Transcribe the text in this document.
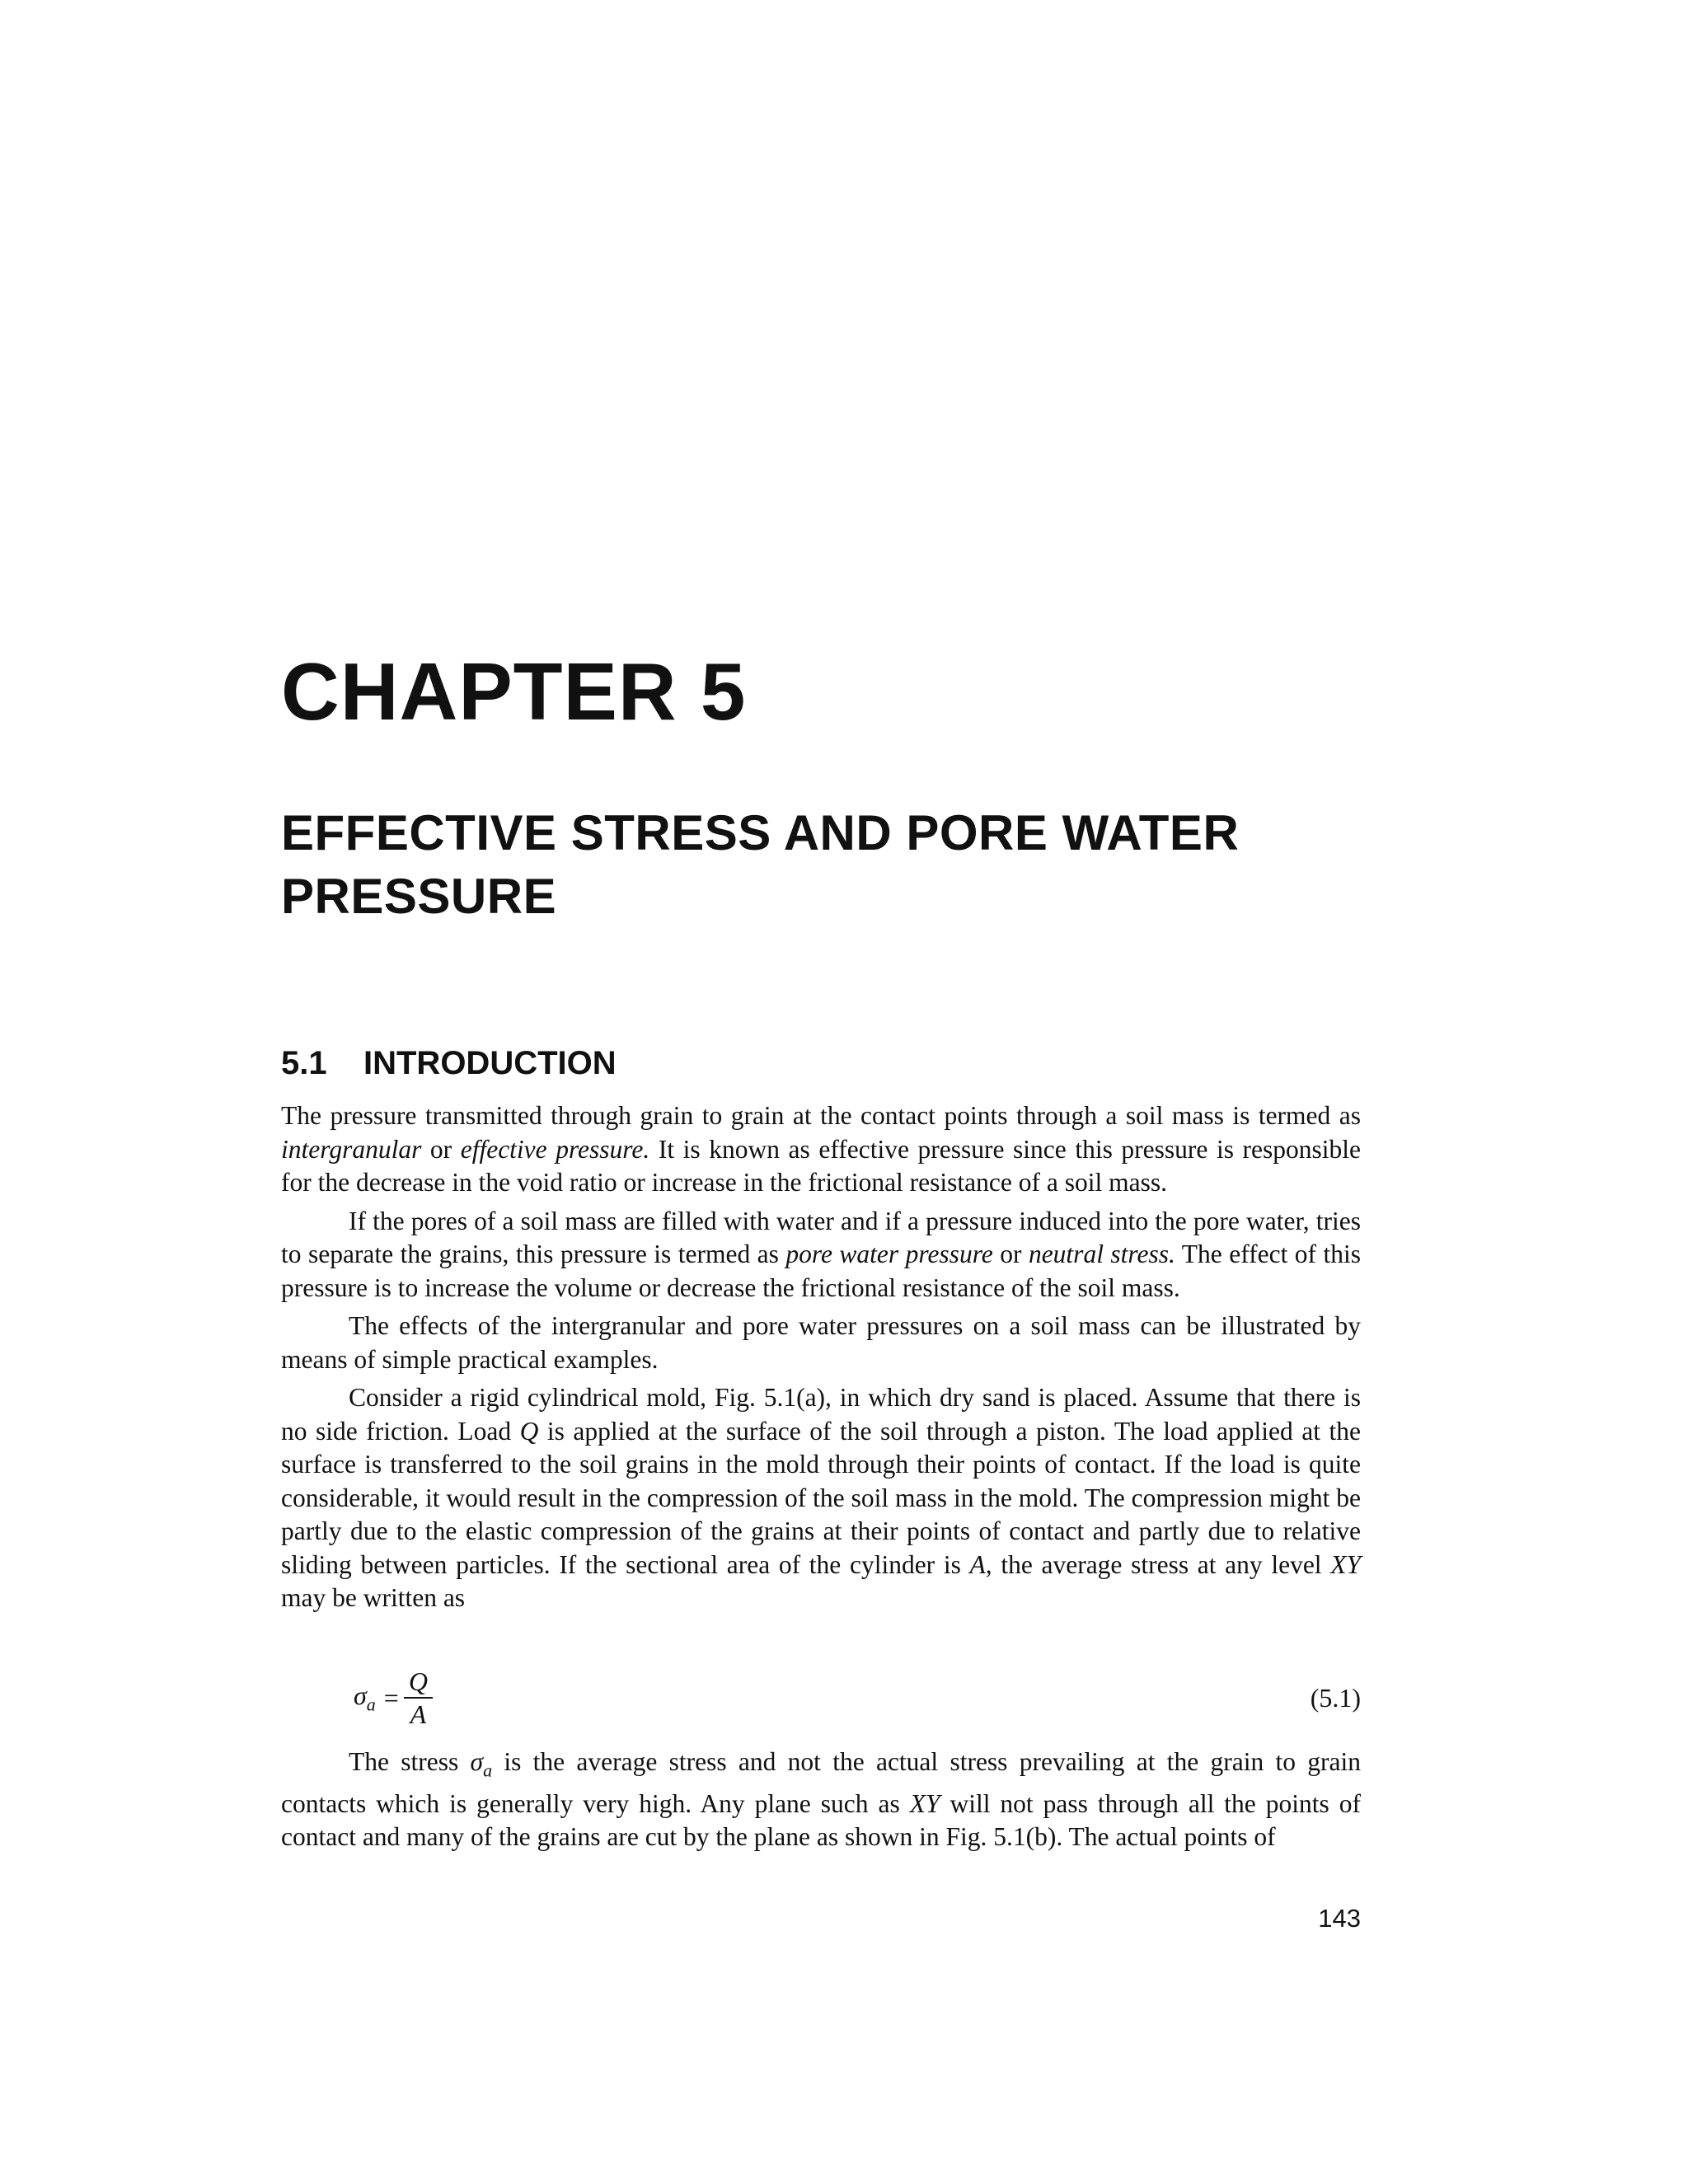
CHAPTER 5
EFFECTIVE STRESS AND PORE WATER PRESSURE
5.1 INTRODUCTION

The pressure transmitted through grain to grain at the contact points through a soil mass is termed as intergranular or effective pressure. It is known as effective pressure since this pressure is responsible for the decrease in the void ratio or increase in the frictional resistance of a soil mass.

If the pores of a soil mass are filled with water and if a pressure induced into the pore water, tries to separate the grains, this pressure is termed as pore water pressure or neutral stress. The effect of this pressure is to increase the volume or decrease the frictional resistance of the soil mass.

The effects of the intergranular and pore water pressures on a soil mass can be illustrated by means of simple practical examples.

Consider a rigid cylindrical mold, Fig. 5.1(a), in which dry sand is placed. Assume that there is no side friction. Load Q is applied at the surface of the soil through a piston. The load applied at the surface is transferred to the soil grains in the mold through their points of contact. If the load is quite considerable, it would result in the compression of the soil mass in the mold. The compression might be partly due to the elastic compression of the grains at their points of contact and partly due to relative sliding between particles. If the sectional area of the cylinder is A, the average stress at any level XY may be written as

$\sigma_a = \frac{Q}{A}$	(5.1)

The stress $\sigma_a$ is the average stress and not the actual stress prevailing at the grain to grain contacts which is generally very high. Any plane such as XY will not pass through all the points of contact and many of the grains are cut by the plane as shown in Fig. 5.1(b). The actual points of

143
